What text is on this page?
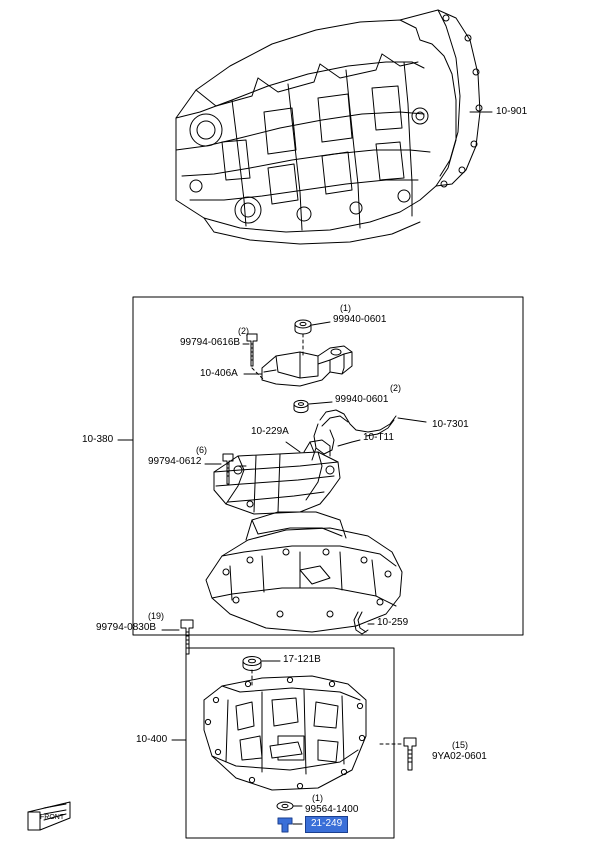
10-901
(1)
99940-0601
(2)
99794-0616B
10-406A
(2)
99940-0601
10-7301
10-229A
10-T11
10-380
(6)
99794-0612
(19)
99794-0830B	10-259
17-121B
10-400	(15)
9YA02-0601
(1)
99564-1400
21-249
FRONT
